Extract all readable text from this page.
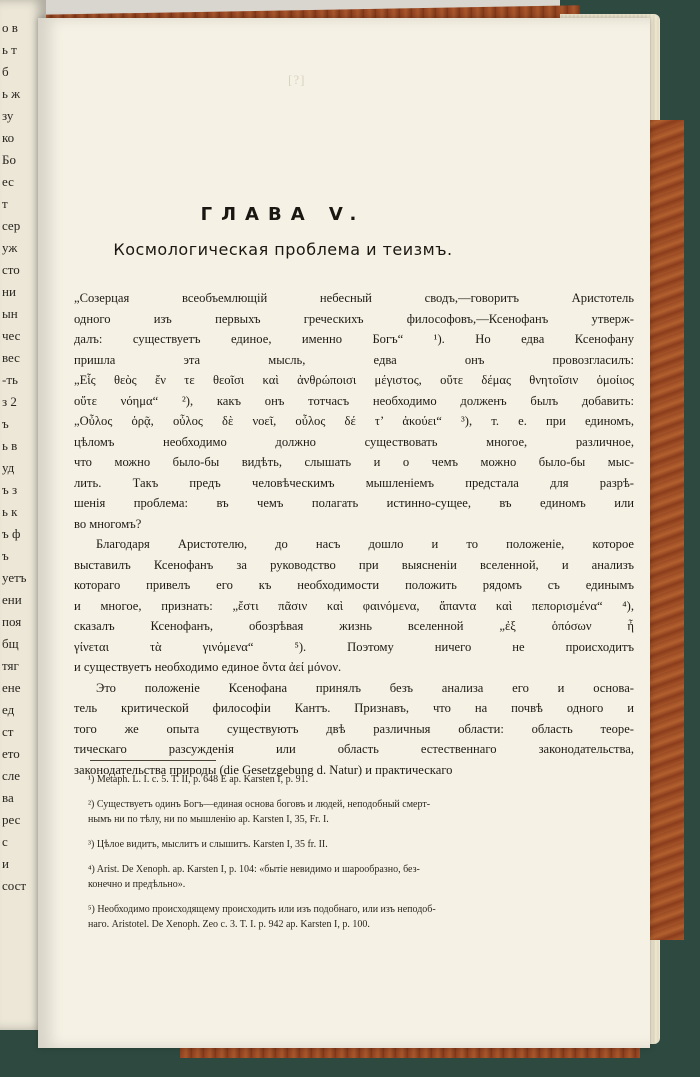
о в
ь т
б
ь ж
зу
ко
Бо
ес
т
сер
уж
сто
ни
ын
чес
вес
-ть
з 2
ъ
ь в
уд
ъ з
ь к
ъ ф
ъ
уетъ
ени
поя
бщ
тяг
ене
ед
ст
ето
сле
ва
рес
с
и
сост
[?]
ГЛАВА V.
Космологическая проблема и теизмъ.
„Созерцая всеобъемлющій небесный сводъ,—говоритъ Аристотель
одного изъ первыхъ греческихъ философовъ,—Ксенофанъ утверж-
далъ: существуетъ единое, именно Богъ“ ¹). Но едва Ксенофану
пришла эта мысль, едва онъ провозгласилъ:
„Εἷς θεὸς ἔν τε θεοῖσι καὶ ἀνθρώποισι μέγιστος, οὔτε δέμας θνητοῖσιν ὁμοίιος
οὔτε νόημα“ ²), какъ онъ тотчасъ необходимо долженъ былъ добавить:
„Οὖλος ὁρᾷ, οὖλος δὲ νοεῖ, οὖλος δέ τ’ ἀκούει“ ³), т. е. при единомъ,
цѣломъ необходимо должно существовать многое, различное,
что можно было-бы видѣть, слышать и о чемъ можно было-бы мыс-
лить. Такъ предъ человѣческимъ мышленіемъ предстала для разрѣ-
шенія проблема: въ чемъ полагать истинно-сущее, въ единомъ или
во многомъ?
Благодаря Аристотелю, до насъ дошло и то положеніе, которое
выставилъ Ксенофанъ за руководство при выясненіи вселенной, и анализъ
котораго привелъ его къ необходимости положить рядомъ съ единымъ
и многое, признать: „ἔστι πᾶσιν καὶ φαινόμενα, ἅπαντα καὶ πεπορισμένα“ ⁴),
сказалъ Ксенофанъ, обозрѣвая жизнь вселенной „ἐξ ὁπόσων ἦ
γίνεται τὰ γινόμενα“ ⁵). Поэтому ничего не происходитъ
и существуетъ необходимо единое ὄντα ἀεί μόνον.
Это положеніе Ксенофана принялъ безъ анализа его и основа-
тель критической философіи Кантъ. Признавъ, что на почвѣ одного и
того же опыта существуютъ двѣ различныя области: область теоре-
тическаго разсужденія или область естественнаго законодательства,
законодательства природы (die Gesetzgebung d. Natur) и практическаго
¹) Metaph. L. I. c. 5. T. II, p. 648 E ap. Karsten I, p. 91.
²) Существуетъ одинъ Богъ—единая основа боговъ и людей, неподобный смерт-
нымъ ни по тѣлу, ни по мышленію ap. Karsten I, 35, Fr. I.
³) Цѣлое видитъ, мыслитъ и слышитъ. Karsten I, 35 fr. II.
⁴) Arist. De Xenoph. ap. Karsten I, p. 104: «бытіе невидимо и шарообразно, без-
конечно и предѣльно».
⁵) Необходимо происходящему происходить или изъ подобнаго, или изъ неподоб-
наго. Aristotel. De Xenoph. Zeo c. 3. T. I. p. 942 ap. Karsten I, p. 100.
